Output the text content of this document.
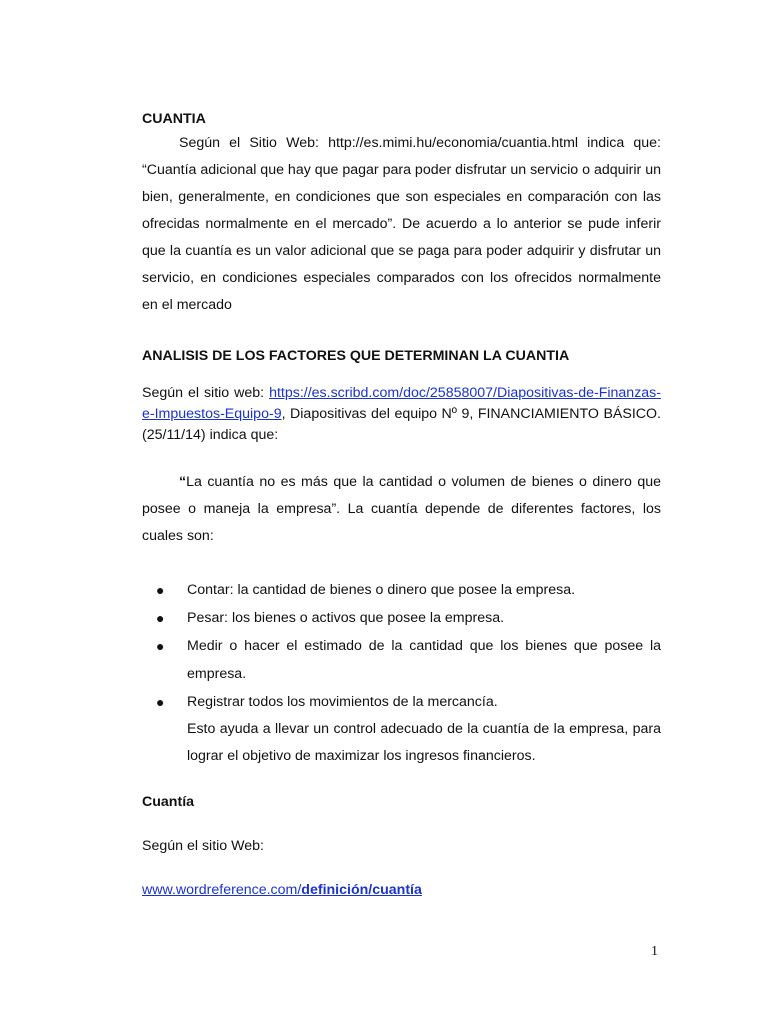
CUANTIA

Según el Sitio Web: http://es.mimi.hu/economia/cuantia.html indica que: “Cuantía adicional que hay que pagar para poder disfrutar un servicio o adquirir un bien, generalmente, en condiciones que son especiales en comparación con las ofrecidas normalmente en el mercado”. De acuerdo a lo anterior se pude inferir que la cuantía es un valor adicional que se paga para poder adquirir y disfrutar un servicio, en condiciones especiales comparados con los ofrecidos normalmente en el mercado

ANALISIS DE LOS FACTORES QUE DETERMINAN LA CUANTIA

Según el sitio web: https://es.scribd.com/doc/25858007/Diapositivas-de-Finanzas-e-Impuestos-Equipo-9, Diapositivas del equipo Nº 9, FINANCIAMIENTO BÁSICO. (25/11/14) indica que:

“La cuantía no es más que la cantidad o volumen de bienes o dinero que posee o maneja la empresa”. La cuantía depende de diferentes factores, los cuales son:

● Contar: la cantidad de bienes o dinero que posee la empresa.
● Pesar: los bienes o activos que posee la empresa.
● Medir o hacer el estimado de la cantidad que los bienes que posee la empresa.
● Registrar todos los movimientos de la mercancía.

Esto ayuda a llevar un control adecuado de la cuantía de la empresa, para lograr el objetivo de maximizar los ingresos financieros.

Cuantía

Según el sitio Web:

www.wordreference.com/definición/cuantía

1
